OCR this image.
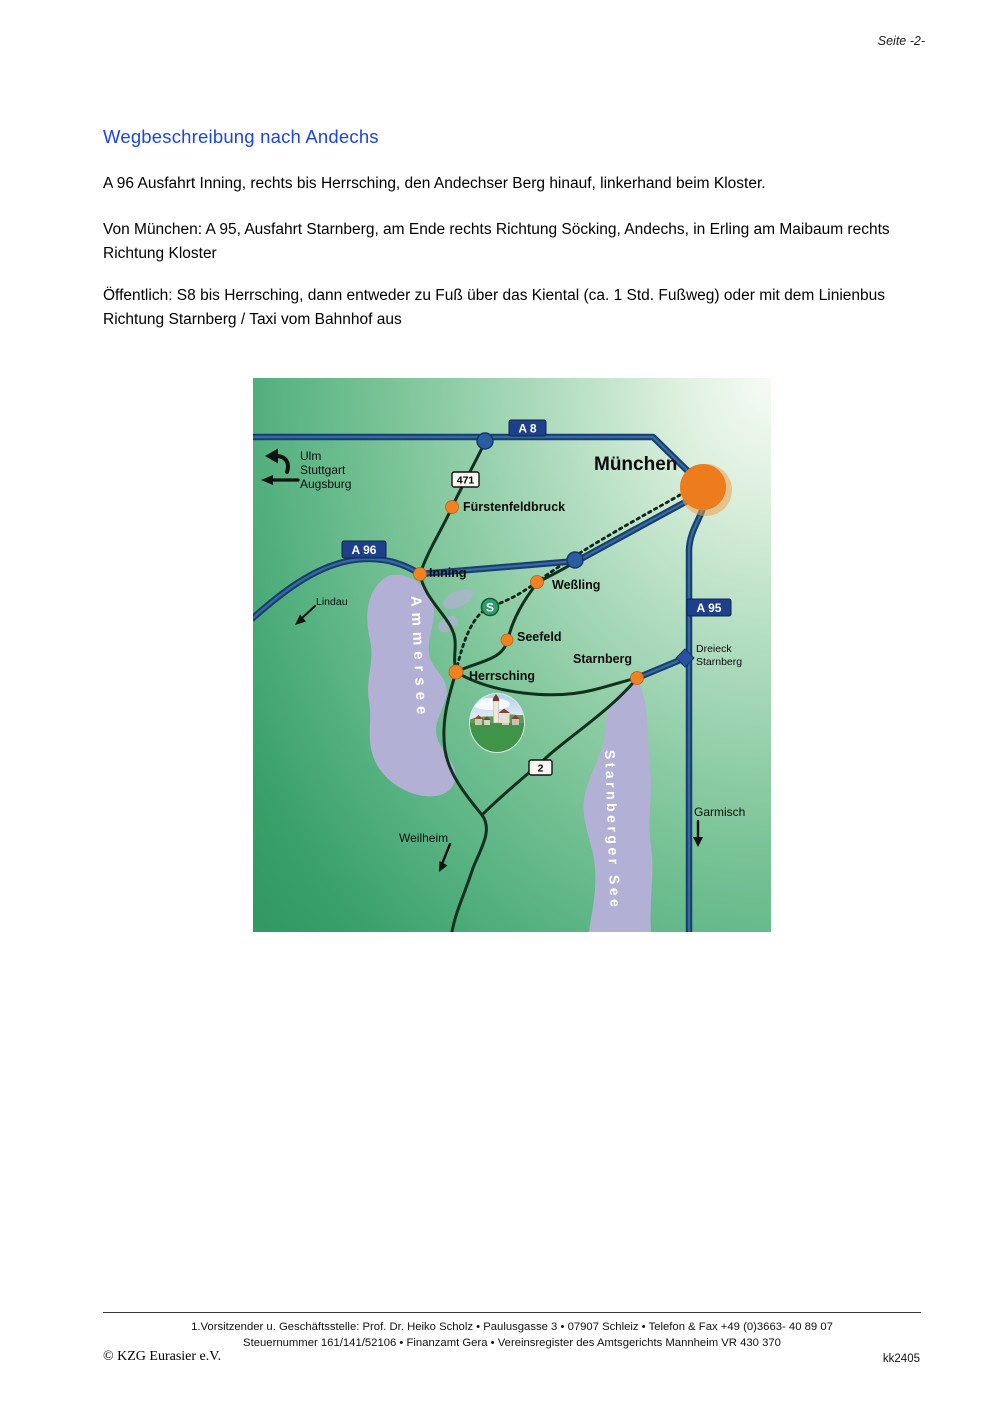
Seite -2-
Wegbeschreibung nach Andechs
A 96 Ausfahrt Inning, rechts bis Herrsching, den Andechser Berg hinauf, linkerhand beim Kloster.
Von München: A 95, Ausfahrt Starnberg, am Ende rechts Richtung Söcking, Andechs, in Erling am Maibaum rechts Richtung Kloster
Öffentlich: S8 bis Herrsching, dann entweder zu Fuß über das Kiental (ca. 1 Std. Fußweg) oder mit dem Linienbus Richtung Starnberg / Taxi vom Bahnhof aus
A 8
A 96
A 95
471
2
S
Ulm
Stuttgart
Augsburg
München
Fürstenfeldbruck
Inning
Weßling
Lindau
Seefeld
Starnberg
Herrsching
Dreieck
Starnberg
Garmisch
Weilheim
Ammersee
Starnberger See
1.Vorsitzender u. Geschäftsstelle: Prof. Dr. Heiko Scholz • Paulusgasse 3 • 07907 Schleiz • Telefon & Fax +49 (0)3663- 40 89 07
Steuernummer 161/141/52106 • Finanzamt Gera • Vereinsregister des Amtsgerichts Mannheim VR 430 370
© KZG Eurasier e.V.	kk2405
